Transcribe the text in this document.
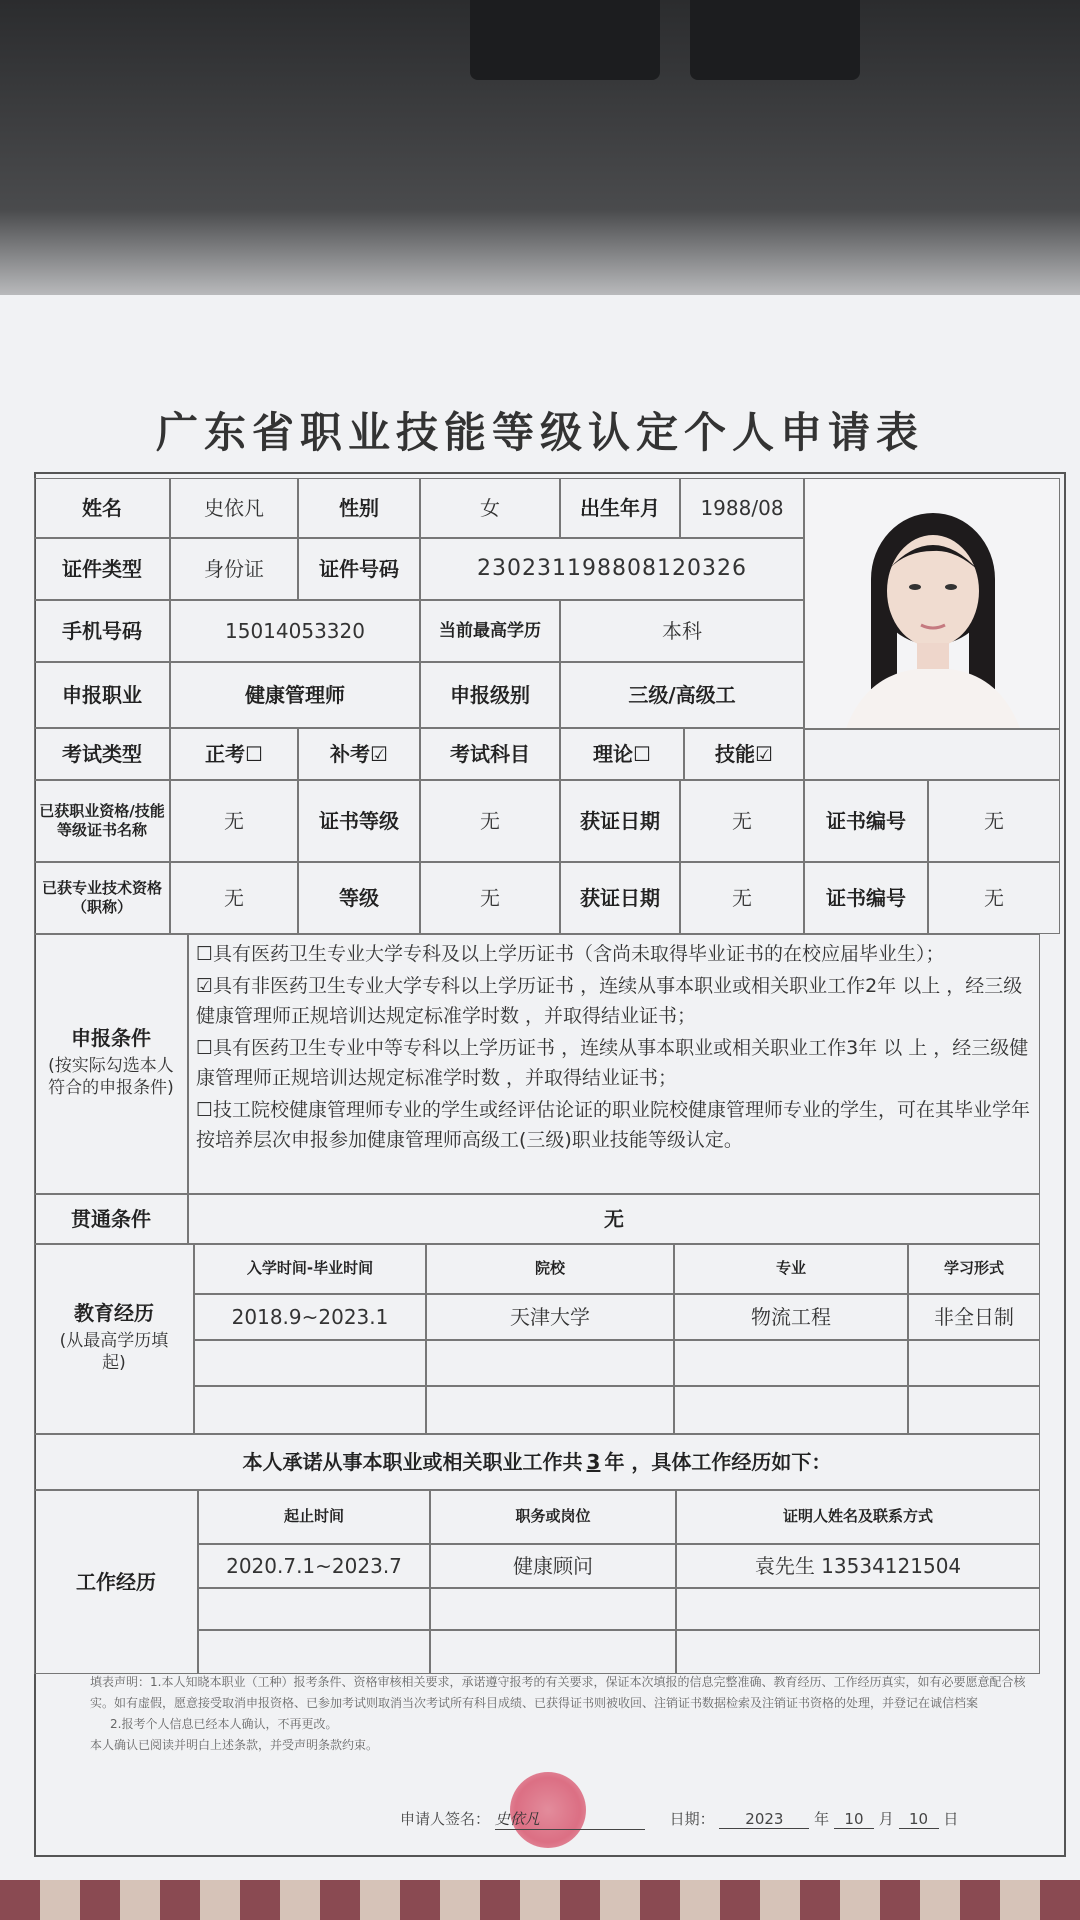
广东省职业技能等级认定个人申请表
姓名	史依凡	性别	女	出生年月	1988/08
证件类型	身份证	证件号码	230231198808120326
手机号码	15014053320	当前最高学历	本科
申报职业	健康管理师	申报级别	三级/高级工
考试类型	正考☐	补考☑	考试科目	理论☐	技能☑
已获职业资格/技能等级证书名称	无	证书等级	无	获证日期	无	证书编号	无
已获专业技术资格（职称）	无	等级	无	获证日期	无	证书编号	无
申报条件
(按实际勾选本人符合的申报条件)

☐具有医药卫生专业大学专科及以上学历证书（含尚未取得毕业证书的在校应届毕业生）；

☑具有非医药卫生专业大学专科以上学历证书 ，连续从事本职业或相关职业工作2年 以上 ，经三级健康管理师正规培训达规定标准学时数 ，并取得结业证书；

☐具有医药卫生专业中等专科以上学历证书 ，连续从事本职业或相关职业工作3年 以 上 ，经三级健康管理师正规培训达规定标准学时数 ，并取得结业证书；

☐技工院校健康管理师专业的学生或经评估论证的职业院校健康管理师专业的学生，可在其毕业学年按培养层次申报参加健康管理师高级工(三级)职业技能等级认定。

贯通条件	无
教育经历
(从最高学历填起)
入学时间-毕业时间	院校	专业	学习形式
2018.9~2023.1	天津大学	物流工程	非全日制
本人承诺从事本职业或相关职业工作共 3 年 ，具体工作经历如下：
工作经历
起止时间	职务或岗位	证明人姓名及联系方式
2020.7.1~2023.7	健康顾问	袁先生 13534121504
填表声明：1.本人知晓本职业（工种）报考条件、资格审核相关要求，承诺遵守报考的有关要求，保证本次填报的信息完整准确、教育经历、工作经历真实，如有必要愿意配合核实。如有虚假，愿意接受取消申报资格、已参加考试则取消当次考试所有科目成绩、已获得证书则被收回、注销证书数据检索及注销证书资格的处理，并登记在诚信档案
2.报考个人信息已经本人确认，不再更改。
本人确认已阅读并明白上述条款，并受声明条款约束。
申请人签名： 史依凡	日期： 2023 年 10 月 10 日
